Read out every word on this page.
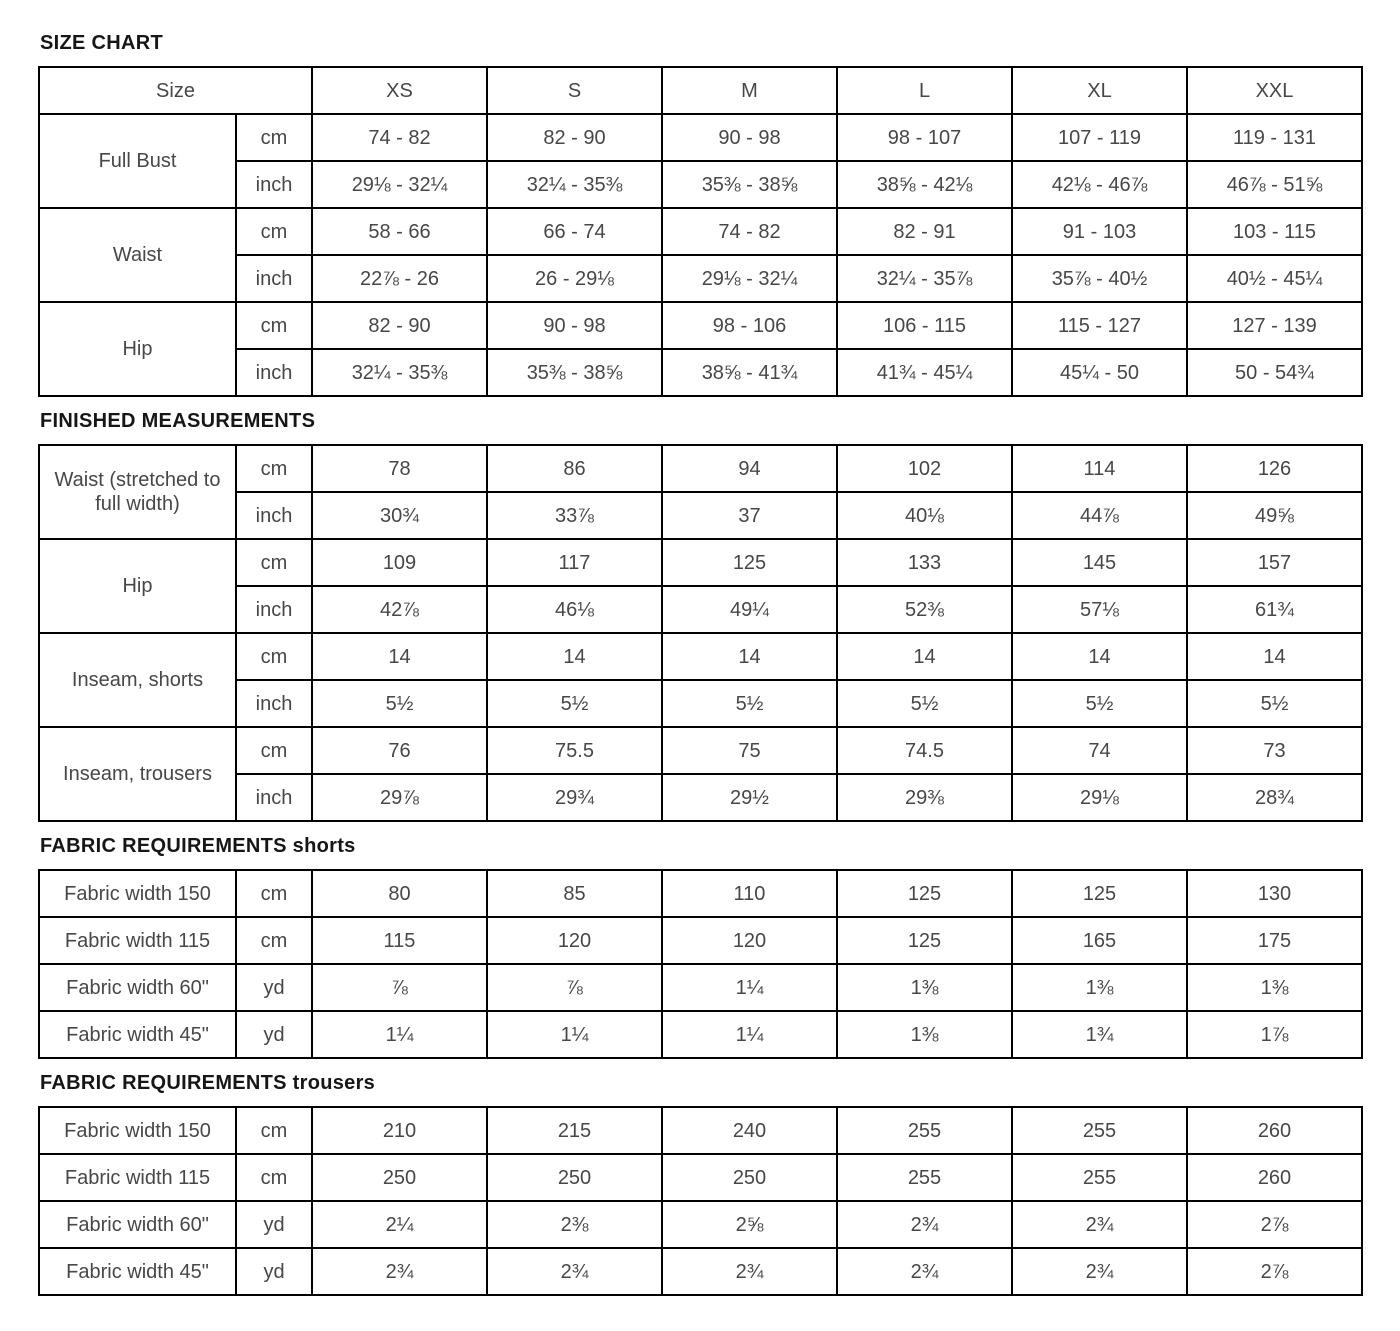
SIZE CHART
Size		XS	S	M	L	XL	XXL
Full Bust	cm	74 - 82	82 - 90	90 - 98	98 - 107	107 - 119	119 - 131
	inch	29⅛ - 32¼	32¼ - 35⅜	35⅜ - 38⅝	38⅝ - 42⅛	42⅛ - 46⅞	46⅞ - 51⅝
Waist	cm	58 - 66	66 - 74	74 - 82	82 - 91	91 - 103	103 - 115
	inch	22⅞ - 26	26 - 29⅛	29⅛ - 32¼	32¼ - 35⅞	35⅞ - 40½	40½ - 45¼
Hip	cm	82 - 90	90 - 98	98 - 106	106 - 115	115 - 127	127 - 139
	inch	32¼ - 35⅜	35⅜ - 38⅝	38⅝ - 41¾	41¾ - 45¼	45¼ - 50	50 - 54¾
FINISHED MEASUREMENTS
Waist (stretched to full width)	cm	78	86	94	102	114	126
	inch	30¾	33⅞	37	40⅛	44⅞	49⅝
Hip	cm	109	117	125	133	145	157
	inch	42⅞	46⅛	49¼	52⅜	57⅛	61¾
Inseam, shorts	cm	14	14	14	14	14	14
	inch	5½	5½	5½	5½	5½	5½
Inseam, trousers	cm	76	75.5	75	74.5	74	73
	inch	29⅞	29¾	29½	29⅜	29⅛	28¾
FABRIC REQUIREMENTS shorts
Fabric width 150	cm	80	85	110	125	125	130
Fabric width 115	cm	115	120	120	125	165	175
Fabric width 60"	yd	⅞	⅞	1¼	1⅜	1⅜	1⅜
Fabric width 45"	yd	1¼	1¼	1¼	1⅜	1¾	1⅞
FABRIC REQUIREMENTS trousers
Fabric width 150	cm	210	215	240	255	255	260
Fabric width 115	cm	250	250	250	255	255	260
Fabric width 60"	yd	2¼	2⅜	2⅝	2¾	2¾	2⅞
Fabric width 45"	yd	2¾	2¾	2¾	2¾	2¾	2⅞
